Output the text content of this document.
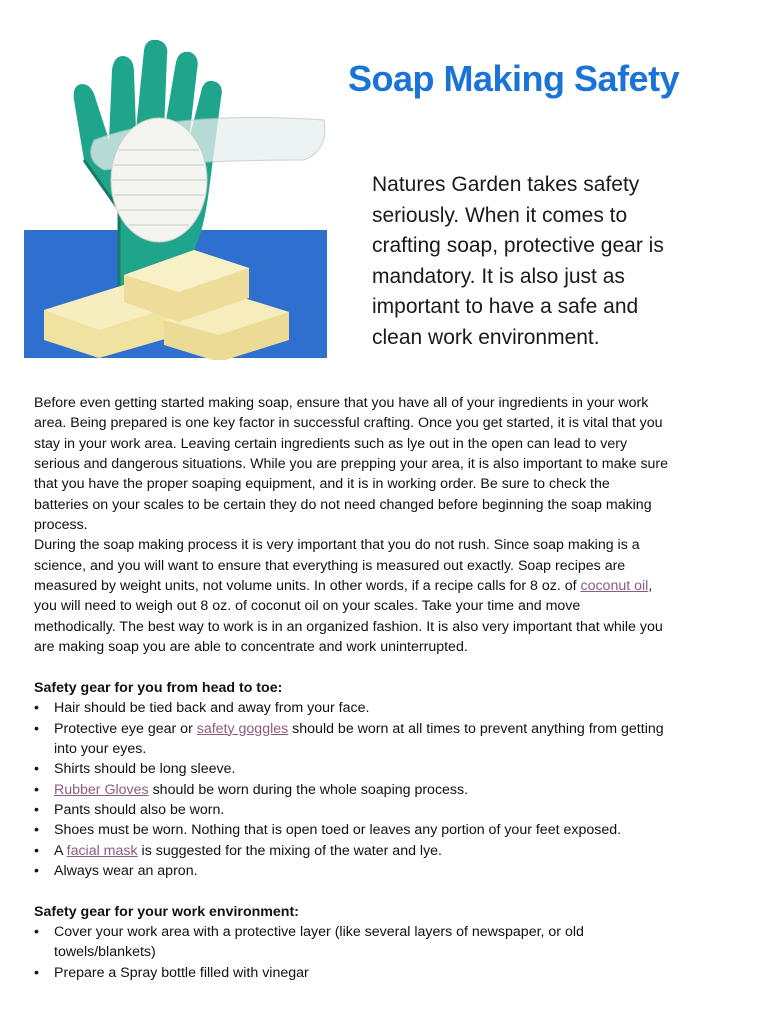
Soap Making Safety
Natures Garden takes safety
seriously. When it comes to
crafting soap, protective gear is
mandatory. It is also just as
important to have a safe and
clean work environment.
Before even getting started making soap, ensure that you have all of your ingredients in your work
area. Being prepared is one key factor in successful crafting. Once you get started, it is vital that you
stay in your work area. Leaving certain ingredients such as lye out in the open can lead to very
serious and dangerous situations. While you are prepping your area, it is also important to make sure
that you have the proper soaping equipment, and it is in working order. Be sure to check the
batteries on your scales to be certain they do not need changed before beginning the soap making
process.
During the soap making process it is very important that you do not rush. Since soap making is a
science, and you will want to ensure that everything is measured out exactly. Soap recipes are
measured by weight units, not volume units. In other words, if a recipe calls for 8 oz. of coconut oil,
you will need to weigh out 8 oz. of coconut oil on your scales. Take your time and move
methodically. The best way to work is in an organized fashion. It is also very important that while you
are making soap you are able to concentrate and work uninterrupted.
Safety gear for you from head to toe:
• Hair should be tied back and away from your face.
• Protective eye gear or safety goggles should be worn at all times to prevent anything from getting
into your eyes.
• Shirts should be long sleeve.
• Rubber Gloves should be worn during the whole soaping process.
• Pants should also be worn.
• Shoes must be worn. Nothing that is open toed or leaves any portion of your feet exposed.
• A facial mask is suggested for the mixing of the water and lye.
• Always wear an apron.
Safety gear for your work environment:
• Cover your work area with a protective layer (like several layers of newspaper, or old
towels/blankets)
• Prepare a Spray bottle filled with vinegar
